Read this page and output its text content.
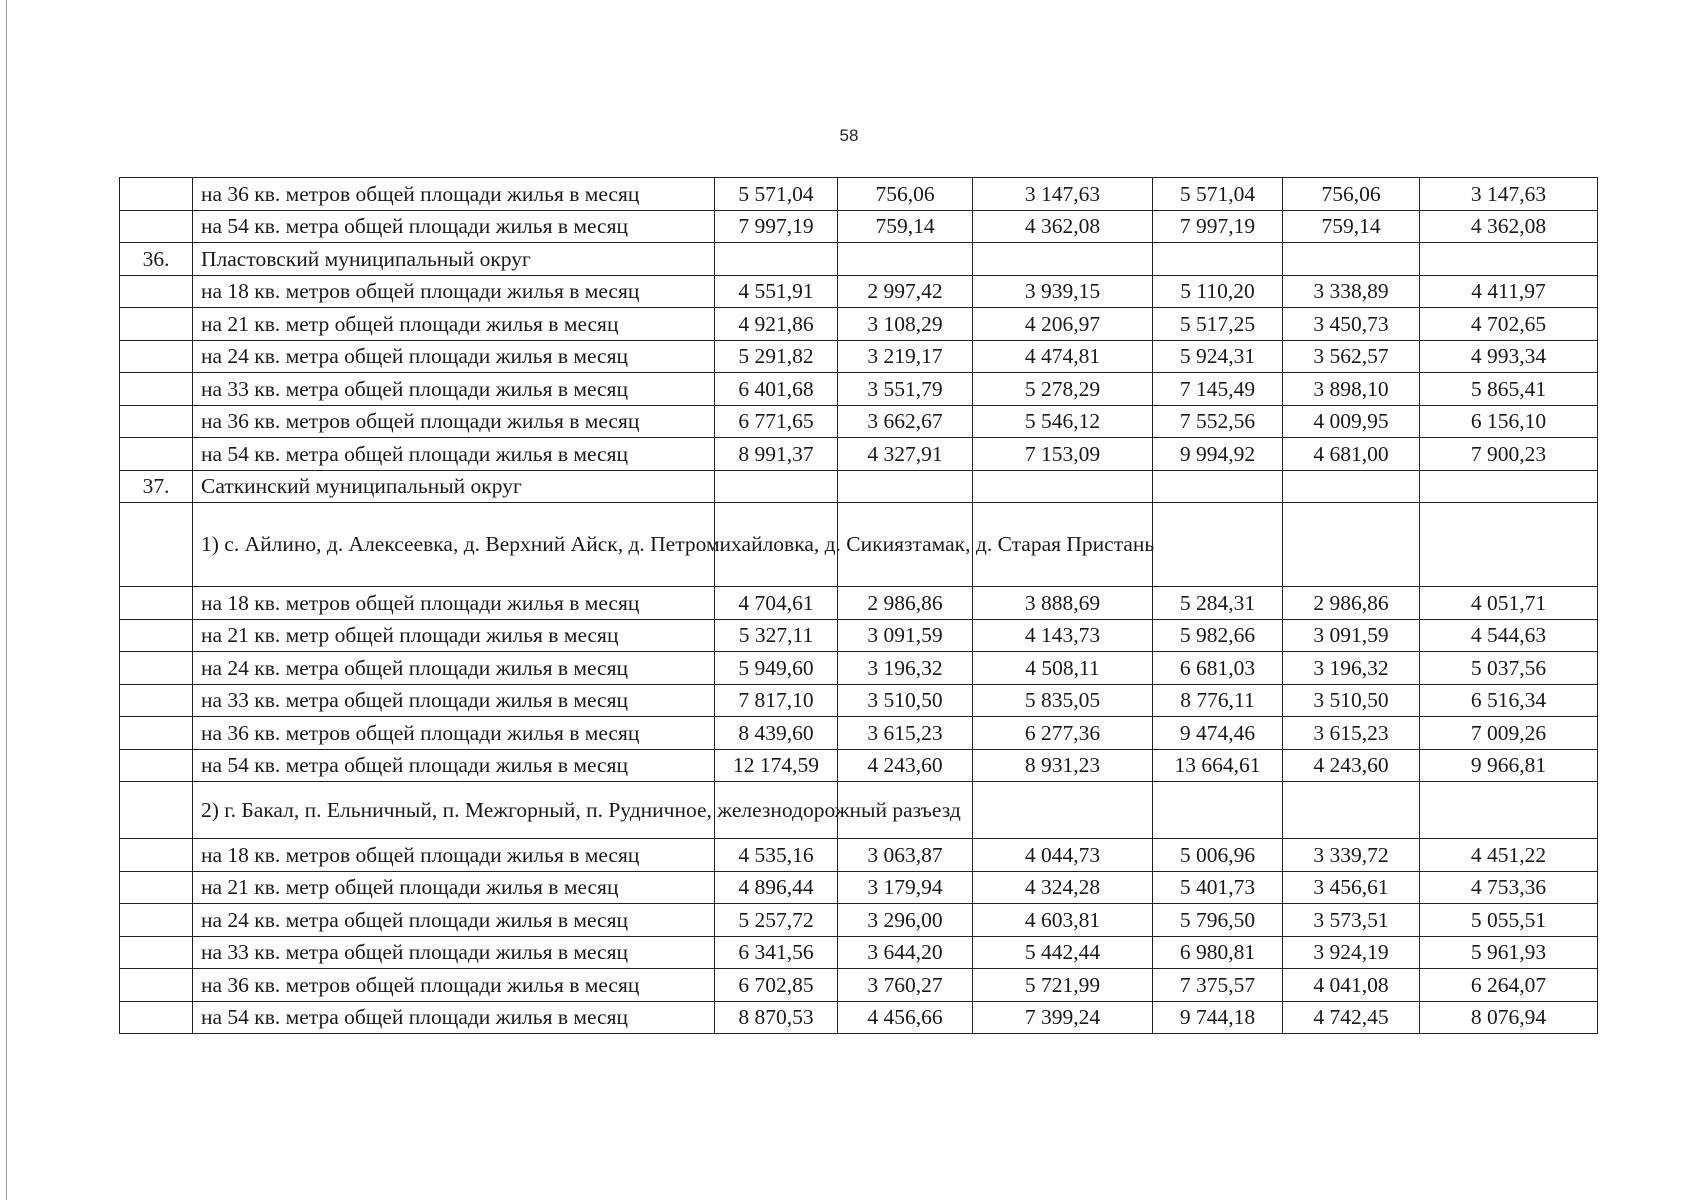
58
	на 36 кв. метров общей площади жилья в месяц	5 571,04	756,06	3 147,63	5 571,04	756,06	3 147,63
	на 54 кв. метра общей площади жилья в месяц	7 997,19	759,14	4 362,08	7 997,19	759,14	4 362,08
36.	Пластовский муниципальный округ						
	на 18 кв. метров общей площади жилья в месяц	4 551,91	2 997,42	3 939,15	5 110,20	3 338,89	4 411,97
	на 21 кв. метр общей площади жилья в месяц	4 921,86	3 108,29	4 206,97	5 517,25	3 450,73	4 702,65
	на 24 кв. метра общей площади жилья в месяц	5 291,82	3 219,17	4 474,81	5 924,31	3 562,57	4 993,34
	на 33 кв. метра общей площади жилья в месяц	6 401,68	3 551,79	5 278,29	7 145,49	3 898,10	5 865,41
	на 36 кв. метров общей площади жилья в месяц	6 771,65	3 662,67	5 546,12	7 552,56	4 009,95	6 156,10
	на 54 кв. метра общей площади жилья в месяц	8 991,37	4 327,91	7 153,09	9 994,92	4 681,00	7 900,23
37.	Саткинский муниципальный округ						
	1) с. Айлино, д. Алексеевка, д. Верхний Айск, д. Петромихайловка, д. Сикиязтамак, д. Старая Пристань						
	на 18 кв. метров общей площади жилья в месяц	4 704,61	2 986,86	3 888,69	5 284,31	2 986,86	4 051,71
	на 21 кв. метр общей площади жилья в месяц	5 327,11	3 091,59	4 143,73	5 982,66	3 091,59	4 544,63
	на 24 кв. метра общей площади жилья в месяц	5 949,60	3 196,32	4 508,11	6 681,03	3 196,32	5 037,56
	на 33 кв. метра общей площади жилья в месяц	7 817,10	3 510,50	5 835,05	8 776,11	3 510,50	6 516,34
	на 36 кв. метров общей площади жилья в месяц	8 439,60	3 615,23	6 277,36	9 474,46	3 615,23	7 009,26
	на 54 кв. метра общей площади жилья в месяц	12 174,59	4 243,60	8 931,23	13 664,61	4 243,60	9 966,81
	2) г. Бакал, п. Ельничный, п. Межгорный, п. Рудничное, железнодорожный разъезд						
	на 18 кв. метров общей площади жилья в месяц	4 535,16	3 063,87	4 044,73	5 006,96	3 339,72	4 451,22
	на 21 кв. метр общей площади жилья в месяц	4 896,44	3 179,94	4 324,28	5 401,73	3 456,61	4 753,36
	на 24 кв. метра общей площади жилья в месяц	5 257,72	3 296,00	4 603,81	5 796,50	3 573,51	5 055,51
	на 33 кв. метра общей площади жилья в месяц	6 341,56	3 644,20	5 442,44	6 980,81	3 924,19	5 961,93
	на 36 кв. метров общей площади жилья в месяц	6 702,85	3 760,27	5 721,99	7 375,57	4 041,08	6 264,07
	на 54 кв. метра общей площади жилья в месяц	8 870,53	4 456,66	7 399,24	9 744,18	4 742,45	8 076,94
